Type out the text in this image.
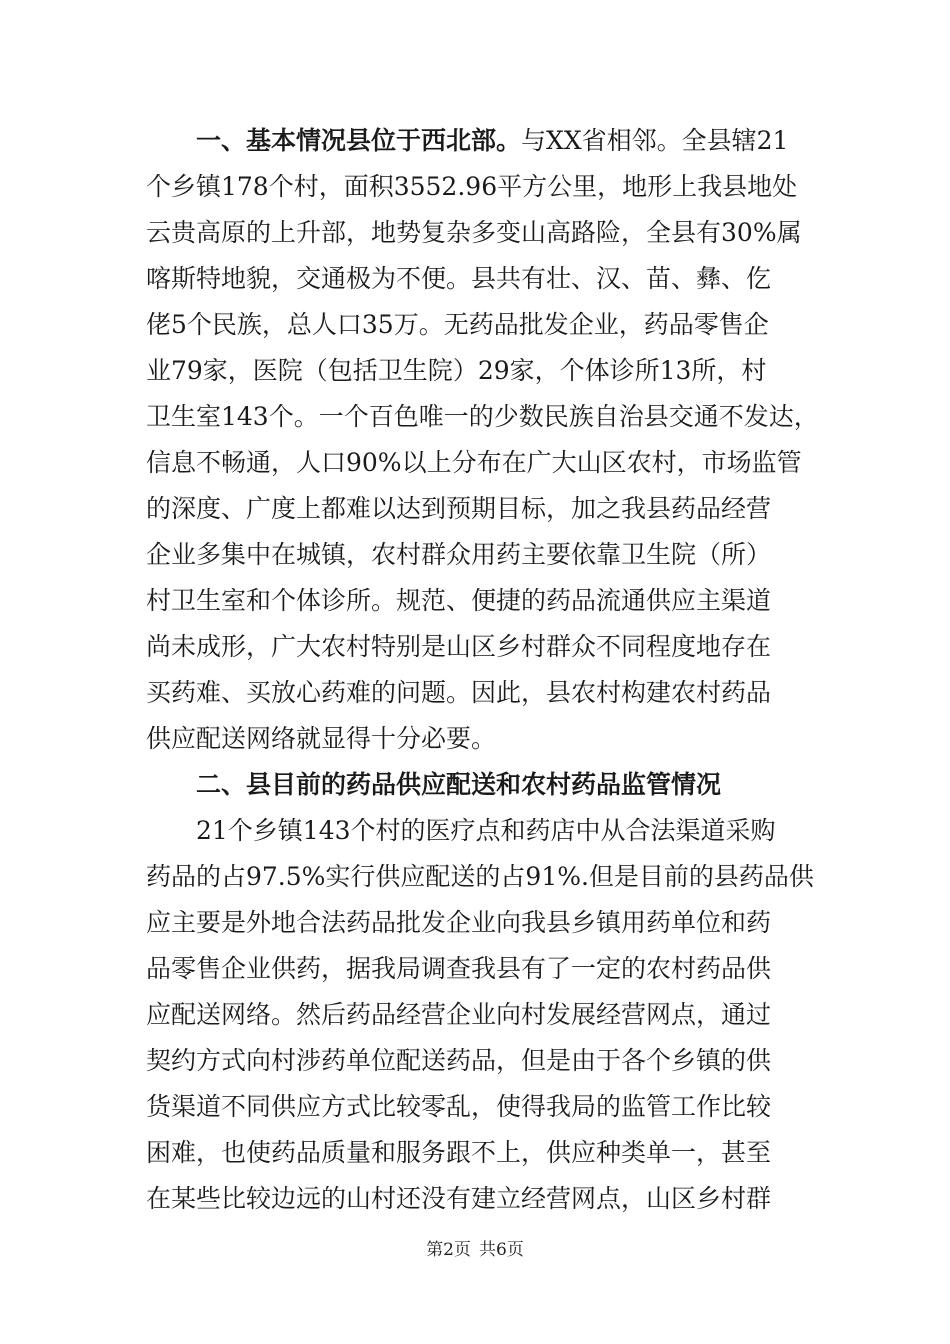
一、基本情况县位于西北部。与XX省相邻。全县辖21
个乡镇178个村，面积3552.96平方公里，地形上我县地处
云贵高原的上升部，地势复杂多变山高路险，全县有30%属
喀斯特地貌，交通极为不便。县共有壮、汉、苗、彝、仡
佬5个民族，总人口35万。无药品批发企业，药品零售企
业79家，医院（包括卫生院）29家，个体诊所13所，村
卫生室143个。一个百色唯一的少数民族自治县交通不发达，
信息不畅通，人口90%以上分布在广大山区农村，市场监管
的深度、广度上都难以达到预期目标，加之我县药品经营
企业多集中在城镇，农村群众用药主要依靠卫生院（所）
村卫生室和个体诊所。规范、便捷的药品流通供应主渠道
尚未成形，广大农村特别是山区乡村群众不同程度地存在
买药难、买放心药难的问题。因此，县农村构建农村药品
供应配送网络就显得十分必要。
二、县目前的药品供应配送和农村药品监管情况
21个乡镇143个村的医疗点和药店中从合法渠道采购
药品的占97.5%实行供应配送的占91%.但是目前的县药品供
应主要是外地合法药品批发企业向我县乡镇用药单位和药
品零售企业供药，据我局调查我县有了一定的农村药品供
应配送网络。然后药品经营企业向村发展经营网点，通过
契约方式向村涉药单位配送药品，但是由于各个乡镇的供
货渠道不同供应方式比较零乱，使得我局的监管工作比较
困难，也使药品质量和服务跟不上，供应种类单一，甚至
在某些比较边远的山村还没有建立经营网点，山区乡村群
第2页 共6页
